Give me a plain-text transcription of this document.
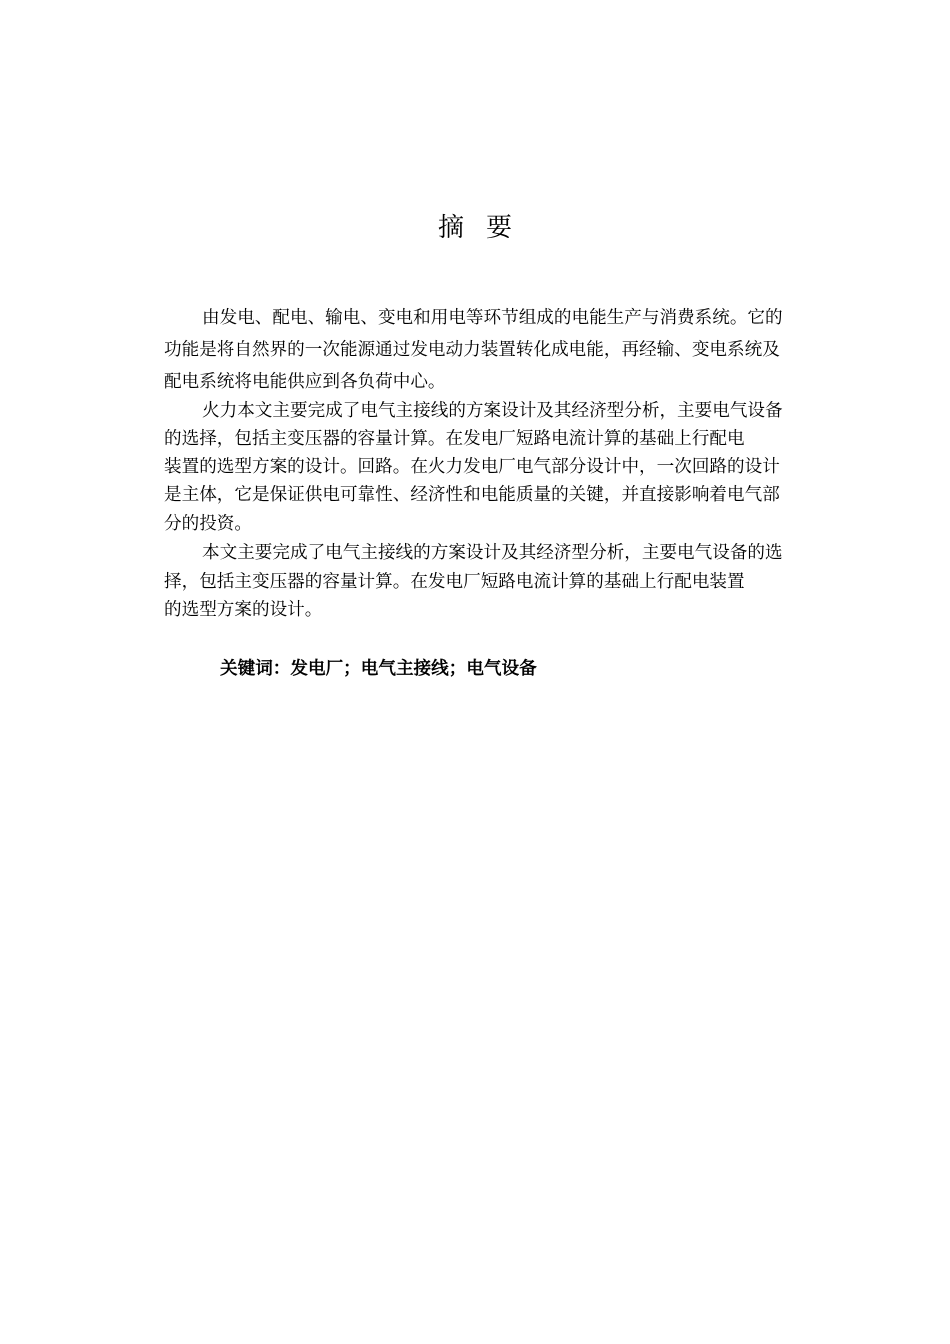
摘要
由发电、配电、输电、变电和用电等环节组成的电能生产与消费系统。它的
功能是将自然界的一次能源通过发电动力装置转化成电能，再经输、变电系统及
配电系统将电能供应到各负荷中心。
火力本文主要完成了电气主接线的方案设计及其经济型分析，主要电气设备
的选择，包括主变压器的容量计算。在发电厂短路电流计算的基础上行配电
装置的选型方案的设计。回路。在火力发电厂电气部分设计中，一次回路的设计
是主体，它是保证供电可靠性、经济性和电能质量的关键，并直接影响着电气部
分的投资。
本文主要完成了电气主接线的方案设计及其经济型分析，主要电气设备的选
择，包括主变压器的容量计算。在发电厂短路电流计算的基础上行配电装置
的选型方案的设计。
关键词：发电厂；电气主接线；电气设备
